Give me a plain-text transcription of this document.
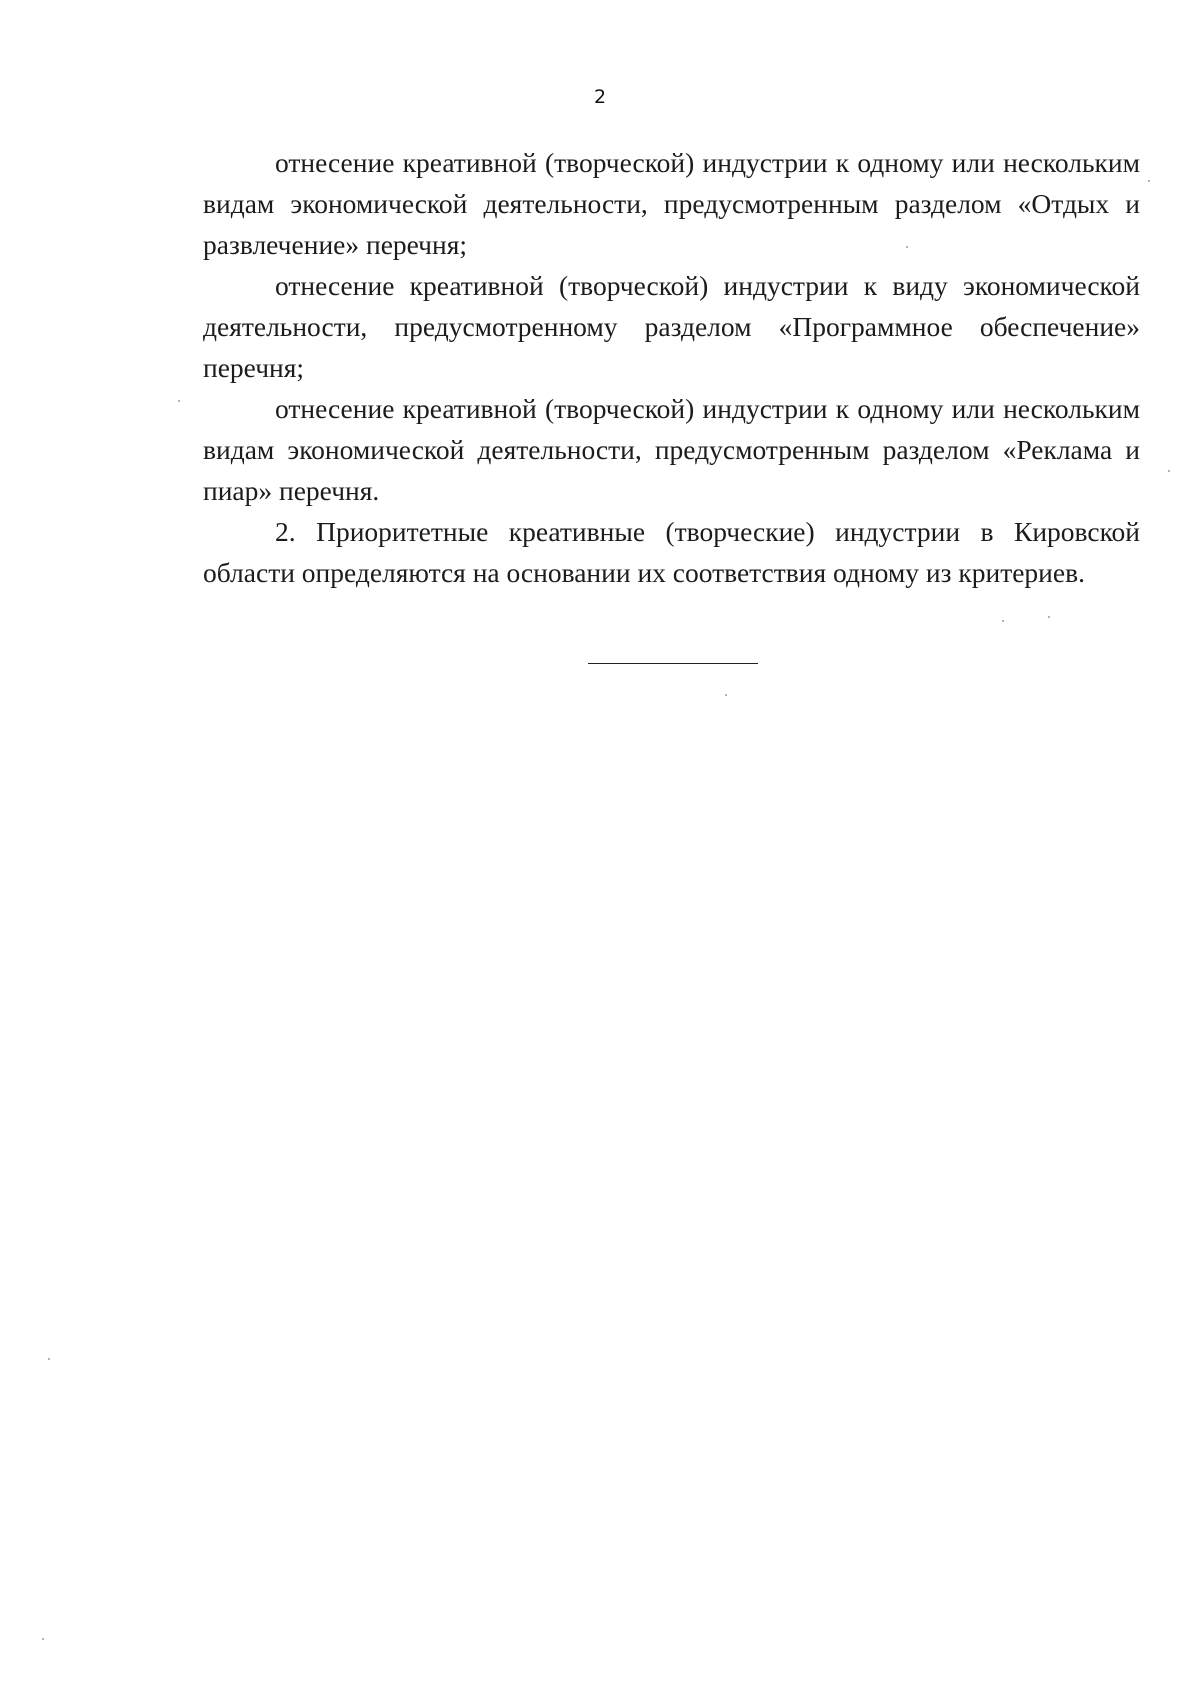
2

отнесение креативной (творческой) индустрии к одному или нескольким видам экономической деятельности, предусмотренным разделом «Отдых и развлечение» перечня;

отнесение креативной (творческой) индустрии к виду экономической деятельности, предусмотренному разделом «Программное обеспечение» перечня;

отнесение креативной (творческой) индустрии к одному или нескольким видам экономической деятельности, предусмотренным разделом «Реклама и пиар» перечня.

2. Приоритетные креативные (творческие) индустрии в Кировской области определяются на основании их соответствия одному из критериев.
